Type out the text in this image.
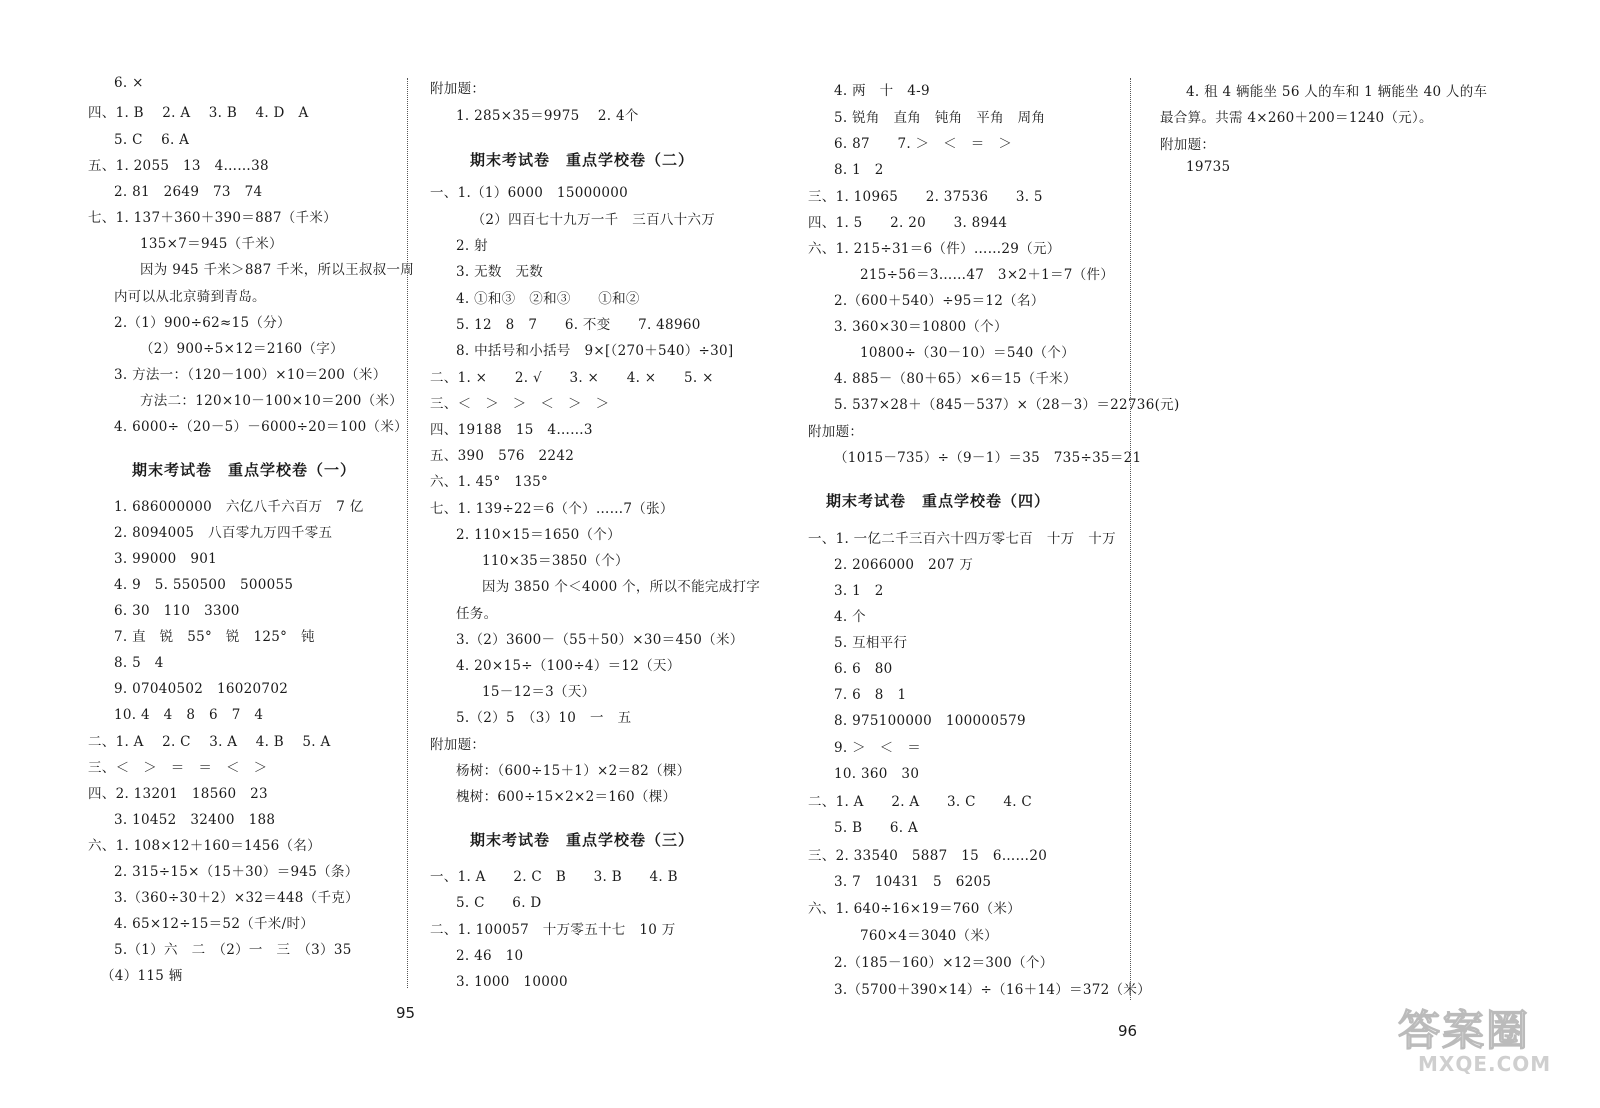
6. ×
四、1. B　 2. A　 3. B　 4. D　A
5. C　 6. A
五、1. 2055　13　4……38
2. 81　2649　73　74
七、1. 137＋360＋390＝887（千米）
135×7＝945（千米）
因为 945 千米＞887 千米，所以王叔叔一周
内可以从北京骑到青岛。
2.（1）900÷62≈15（分）
（2）900÷5×12＝2160（字）
3. 方法一：（120－100）×10＝200（米）
方法二：120×10－100×10＝200（米）
4. 6000÷（20－5）－6000÷20＝100（米）
期末考试卷　重点学校卷（一）
1. 686000000　六亿八千六百万　7 亿
2. 8094005　八百零九万四千零五
3. 99000　901
4. 9　5. 550500　500055
6. 30　110　3300
7. 直　锐　55°　锐　125°　钝
8. 5　4
9. 07040502　16020702
10. 4　4　8　6　7　4
二、1. A　 2. C　 3. A　 4. B　 5. A
三、＜　＞　＝　＝　＜　＞
四、2. 13201　18560　23
3. 10452　32400　188
六、1. 108×12＋160＝1456（名）
2. 315÷15×（15＋30）＝945（条）
3.（360÷30＋2）×32＝448（千克）
4. 65×12÷15＝52（千米/时）
5.（1）六　二　（2）一　三　（3）35
（4）115 辆
95
附加题：
1. 285×35＝9975　 2. 4个
期末考试卷　重点学校卷（二）
一、1.（1）6000　15000000
（2）四百七十九万一千　三百八十六万
2. 射
3. 无数　无数
4. ①和③　②和③　　①和②
5. 12　8　7　　6. 不变　　7. 48960
8. 中括号和小括号　9×[（270＋540）÷30]
二、1. ×　　2. √　　3. ×　　4. ×　　5. ×
三、＜　＞　＞　＜　＞　＞
四、19188　15　4……3
五、390　576　2242
六、1. 45°　135°
七、1. 139÷22＝6（个）……7（张）
2. 110×15＝1650（个）
110×35＝3850（个）
因为 3850 个＜4000 个，所以不能完成打字
任务。
3.（2）3600－（55＋50）×30＝450（米）
4. 20×15÷（100÷4）＝12（天）
15－12＝3（天）
5.（2）5　（3）10　一　五
附加题：
杨树：（600÷15＋1）×2＝82（棵）
槐树：600÷15×2×2＝160（棵）
期末考试卷　重点学校卷（三）
一、1. A　　2. C　B　　3. B　　4. B
5. C　　6. D
二、1. 100057　十万零五十七　10 万
2. 46　10
3. 1000　10000
4. 两　十　4-9
5. 锐角　直角　钝角　平角　周角
6. 87　　7. ＞　＜　＝　＞
8. 1　2
三、1. 10965　　2. 37536　　3. 5
四、1. 5　　2. 20　　3. 8944
六、1. 215÷31＝6（件）……29（元）
215÷56＝3……47　3×2＋1＝7（件）
2.（600＋540）÷95＝12（名）
3. 360×30＝10800（个）
10800÷（30－10）＝540（个）
4. 885－（80＋65）×6＝15（千米）
5. 537×28＋（845－537）×（28－3）＝22736(元)
附加题：
（1015－735）÷（9－1）＝35　735÷35＝21
期末考试卷　重点学校卷（四）
一、1. 一亿二千三百六十四万零七百　十万　十万
2. 2066000　207 万
3. 1　2
4. 个
5. 互相平行
6. 6　80
7. 6　8　1
8. 975100000　100000579
9. ＞　＜　＝
10. 360　30
二、1. A　　2. A　　3. C　　4. C
5. B　　6. A
三、2. 33540　5887　15　6……20
3. 7　10431　5　6205
六、1. 640÷16×19＝760（米）
760×4＝3040（米）
2.（185－160）×12＝300（个）
3.（5700＋390×14）÷（16＋14）＝372（米）
4. 租 4 辆能坐 56 人的车和 1 辆能坐 40 人的车
最合算。共需 4×260＋200＝1240（元）。
附加题：
19735
96	答案圈
MXQE.COM
